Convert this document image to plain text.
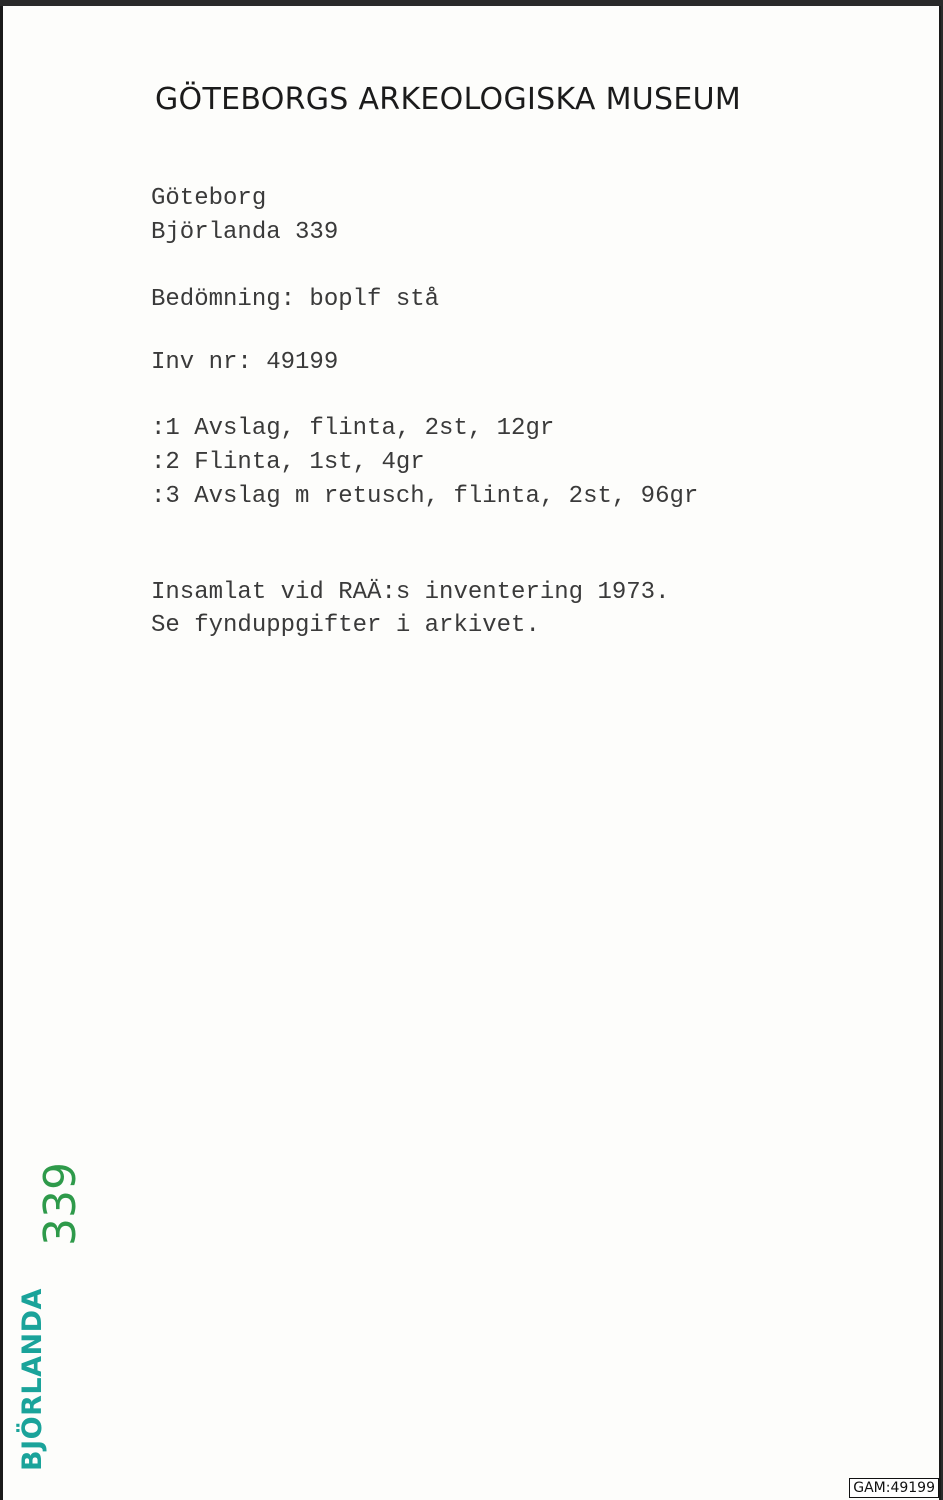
GÖTEBORGS ARKEOLOGISKA MUSEUM
Göteborg
Björlanda 339
Bedömning: boplf stå
Inv nr: 49199
:1 Avslag, flinta, 2st, 12gr
:2 Flinta, 1st, 4gr
:3 Avslag m retusch, flinta, 2st, 96gr
Insamlat vid RAÄ:s inventering 1973.
Se fynduppgifter i arkivet.
BJÖRLANDA
339
GAM:49199
